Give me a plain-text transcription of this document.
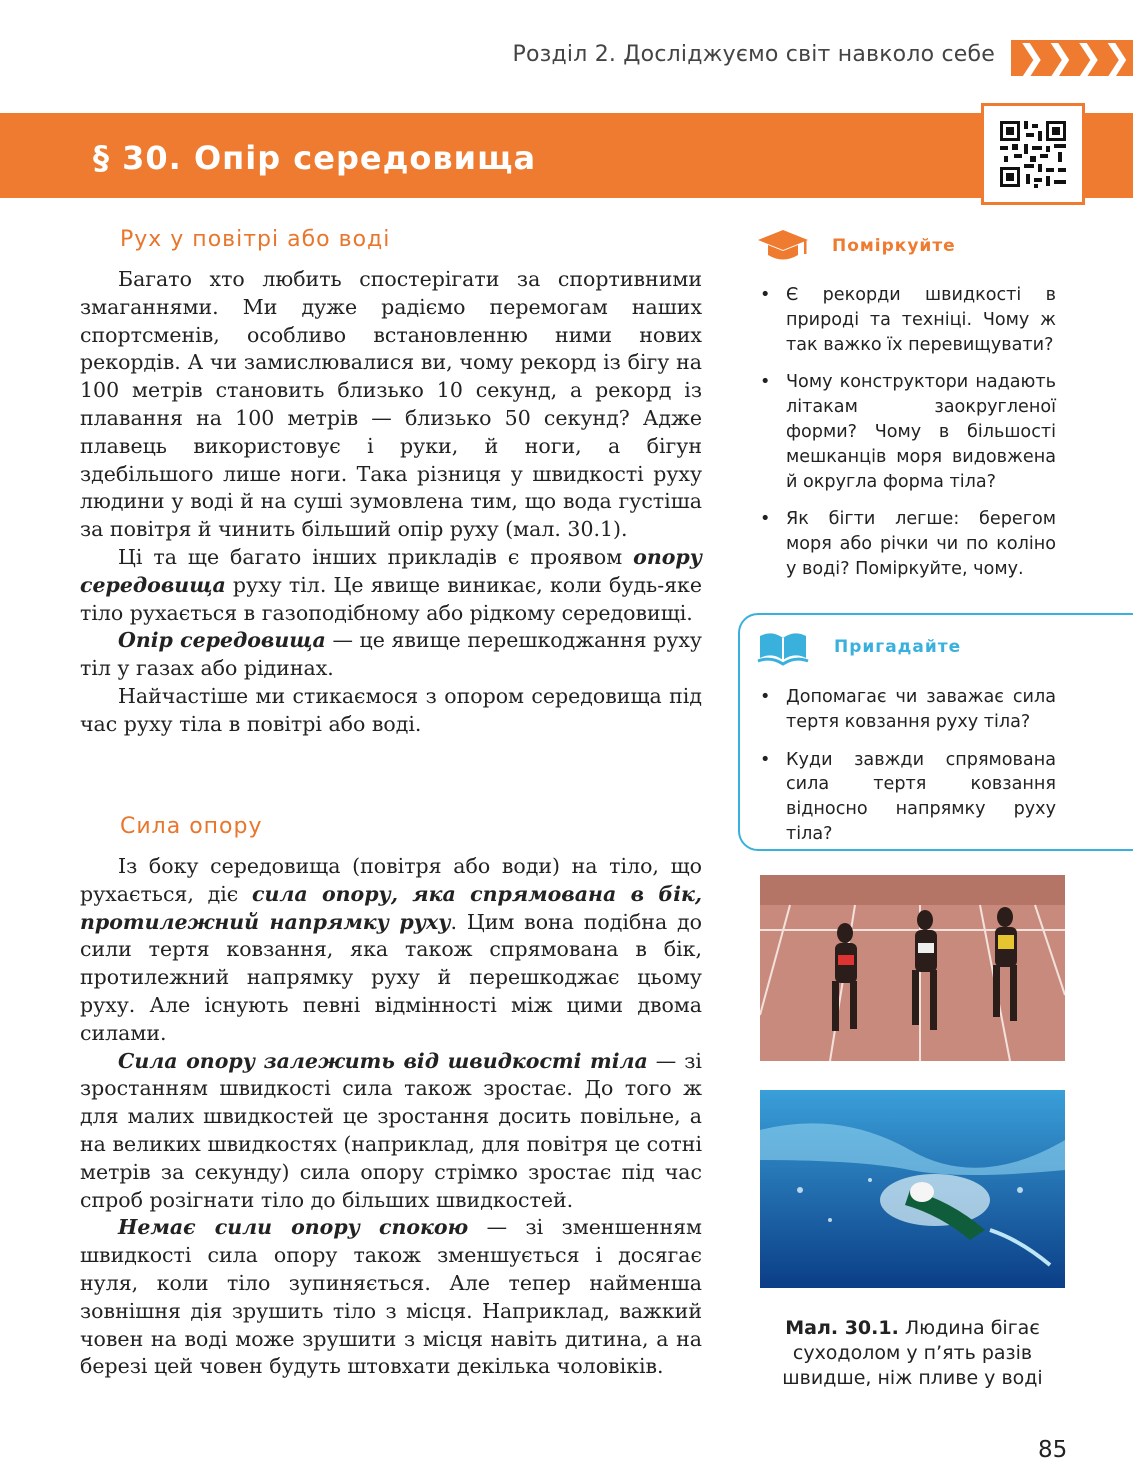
Розділ 2. Досліджуємо світ навколо себе ❯❯❯❯
§ 30. Опір середовища
Рух у повітрі або воді

Багато хто любить спостерігати за спортивними змаганнями. Ми дуже радіємо перемогам наших спортсменів, особливо встановленню ними нових рекордів. А чи замислювалися ви, чому рекорд із бігу на 100 метрів становить близько 10 секунд, а рекорд із плавання на 100 метрів — близько 50 секунд? Адже плавець використовує і руки, й ноги, а бігун здебільшого лише ноги. Така різниця у швидкості руху людини у воді й на суші зумовлена тим, що вода густіша за повітря й чинить більший опір руху (мал. 30.1).

Ці та ще багато інших прикладів є проявом опору середовища руху тіл. Це явище виникає, коли будь-яке тіло рухається в газоподібному або рідкому середовищі.

Опір середовища — це явище перешкоджання руху тіл у газах або рідинах.

Найчастіше ми стикаємося з опором середовища під час руху тіла в повітрі або воді.

Сила опору

Із боку середовища (повітря або води) на тіло, що рухається, діє сила опору, яка спрямована в бік, протилежний напрямку руху. Цим вона подібна до сили тертя ковзання, яка також спрямована в бік, протилежний напрямку руху й перешкоджає цьому руху. Але існують певні відмінності між цими двома силами.

Сила опору залежить від швидкості тіла — зі зростанням швидкості сила також зростає. До того ж для малих швидкостей це зростання досить повільне, а на великих швидкостях (наприклад, для повітря це сотні метрів за секунду) сила опору стрімко зростає під час спроб розігнати тіло до більших швидкостей.

Немає сили опору спокою — зі зменшенням швидкості сила опору також зменшується і досягає нуля, коли тіло зупиняється. Але тепер найменша зовнішня дія зрушить тіло з місця. Наприклад, важкий човен на воді може зрушити з місця навіть дитина, а на березі цей човен будуть штовхати декілька чоловіків.

Поміркуйте
• Є рекорди швидкості в природі та техніці. Чому ж так важко їх перевищувати?
• Чому конструктори надають літакам заокругленої форми? Чому в більшості мешканців моря видовжена й округла форма тіла?
• Як бігти легше: берегом моря або річки чи по коліно у воді? Поміркуйте, чому.
Пригадайте
• Допомагає чи заважає сила тертя ковзання руху тіла?
• Куди завжди спрямована сила тертя ковзання відносно напрямку руху тіла?
Мал. 30.1. Людина бігає суходолом у п’ять разів швидше, ніж пливе у воді
85
